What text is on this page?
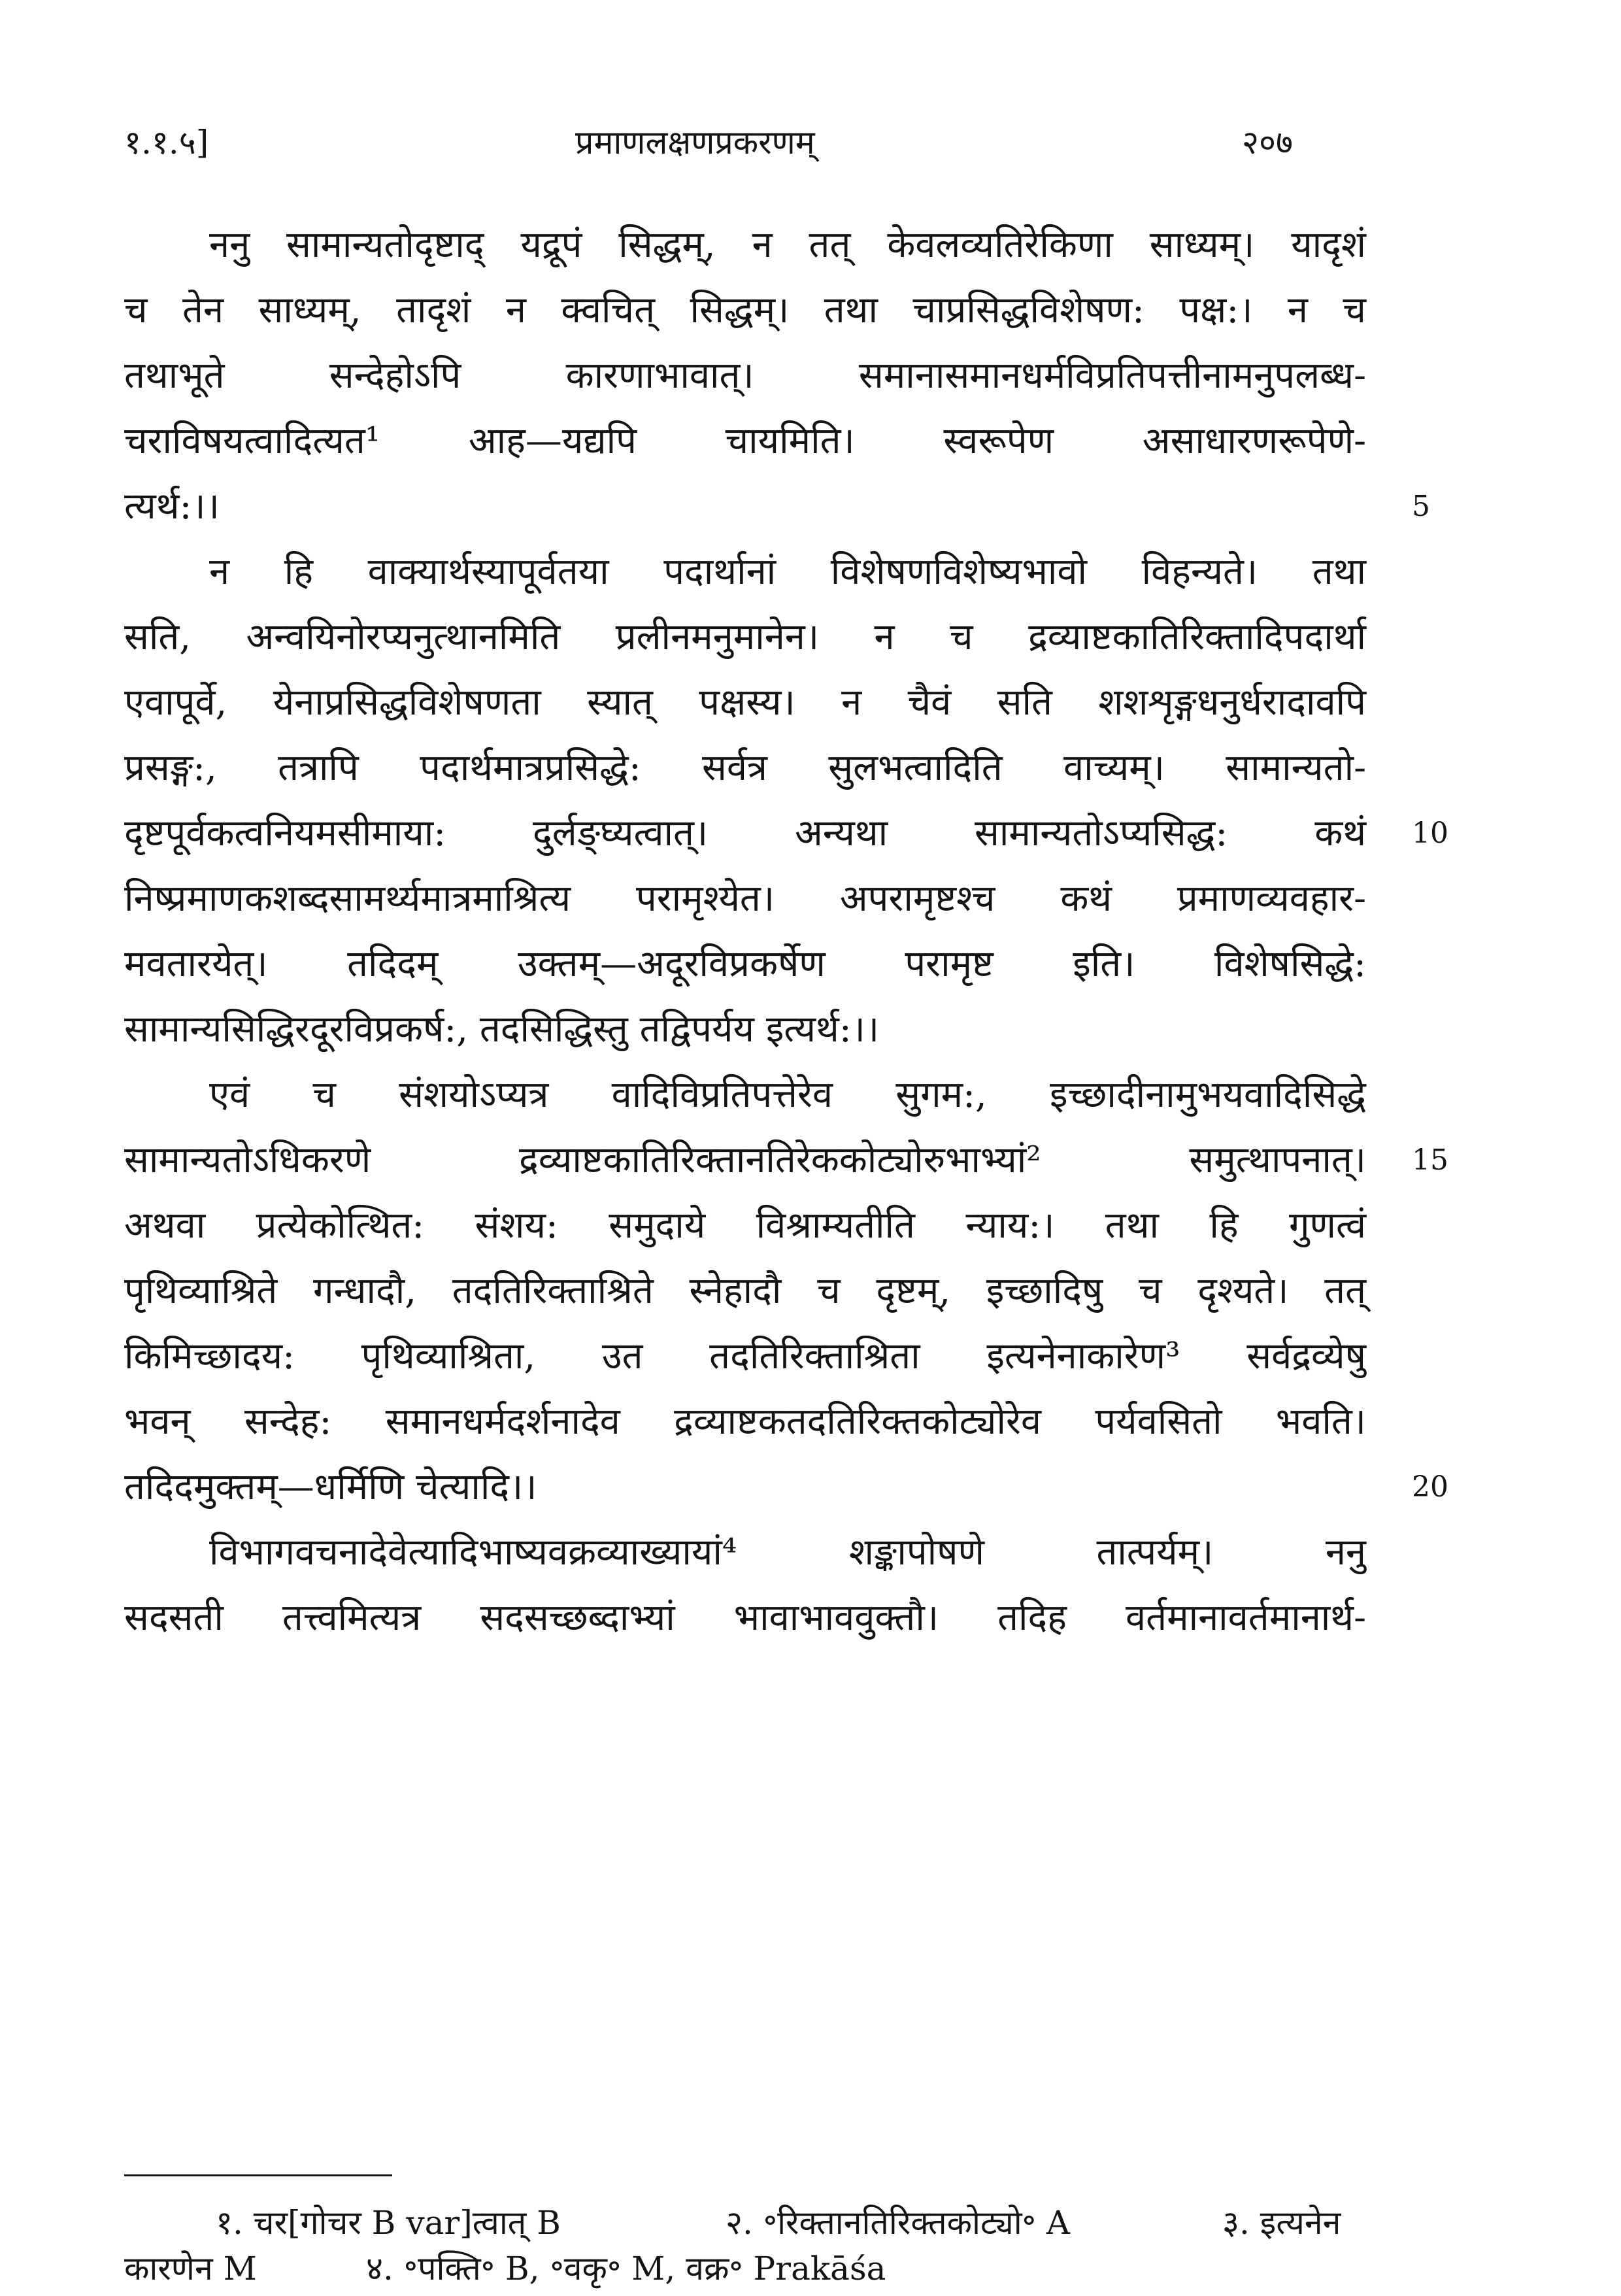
१.१.५]	प्रमाणलक्षणप्रकरणम्	२०७
ननु सामान्यतोदृष्टाद् यद्रूपं सिद्धम्, न तत् केवलव्यतिरेकिणा साध्यम्। यादृशं
च तेन साध्यम्, तादृशं न क्वचित् सिद्धम्। तथा चाप्रसिद्धविशेषण: पक्ष:। न च
तथाभूते सन्देहोऽपि कारणाभावात्। समानासमानधर्मविप्रतिपत्तीनामनुपलब्ध-
चराविषयत्वादित्यत¹ आह—यद्यपि चायमिति। स्वरूपेण असाधारणरूपेणे-
त्यर्थ:।।
न हि वाक्यार्थस्यापूर्वतया पदार्थानां विशेषणविशेष्यभावो विहन्यते। तथा
सति, अन्वयिनोरप्यनुत्थानमिति प्रलीनमनुमानेन। न च द्रव्याष्टकातिरिक्तादिपदार्था
एवापूर्वे, येनाप्रसिद्धविशेषणता स्यात् पक्षस्य। न चैवं सति शशशृङ्गधनुर्धरादावपि
प्रसङ्ग:, तत्रापि पदार्थमात्रप्रसिद्धे: सर्वत्र सुलभत्वादिति वाच्यम्। सामान्यतो-
दृष्टपूर्वकत्वनियमसीमाया: दुर्लङ्घ्यत्वात्। अन्यथा सामान्यतोऽप्यसिद्ध: कथं
निष्प्रमाणकशब्दसामर्थ्यमात्रमाश्रित्य परामृश्येत। अपरामृष्टश्च कथं प्रमाणव्यवहार-
मवतारयेत्। तदिदम् उक्तम्—अदूरविप्रकर्षेण परामृष्ट इति। विशेषसिद्धे:
सामान्यसिद्धिरदूरविप्रकर्ष:, तदसिद्धिस्तु तद्विपर्यय इत्यर्थ:।।
एवं च संशयोऽप्यत्र वादिविप्रतिपत्तेरेव सुगम:, इच्छादीनामुभयवादिसिद्धे
सामान्यतोऽधिकरणे द्रव्याष्टकातिरिक्तानतिरेककोट्योरुभाभ्यां² समुत्थापनात्।
अथवा प्रत्येकोत्थित: संशय: समुदाये विश्राम्यतीति न्याय:। तथा हि गुणत्वं
पृथिव्याश्रिते गन्धादौ, तदतिरिक्ताश्रिते स्नेहादौ च दृष्टम्, इच्छादिषु च दृश्यते। तत्
किमिच्छादय: पृथिव्याश्रिता, उत तदतिरिक्ताश्रिता इत्यनेनाकारेण³ सर्वद्रव्येषु
भवन् सन्देह: समानधर्मदर्शनादेव द्रव्याष्टकतदतिरिक्तकोट्योरेव पर्यवसितो भवति।
तदिदमुक्तम्—धर्मिणि चेत्यादि।।
विभागवचनादेवेत्यादिभाष्यवक्रव्याख्यायां⁴ शङ्कापोषणे तात्पर्यम्। ननु
सदसती तत्त्वमित्यत्र सदसच्छब्दाभ्यां भावाभाववुक्तौ। तदिह वर्तमानावर्तमानार्थ-
5
10
15
20
१. चर[गोचर B var]त्वात् B	२. ॰रिक्तानतिरिक्तकोट्यो॰ A	३. इत्यनेन
कारणेन M	४. ॰पक्ति॰ B, ॰वकृ॰ M, वक्र॰ Prakāśa
